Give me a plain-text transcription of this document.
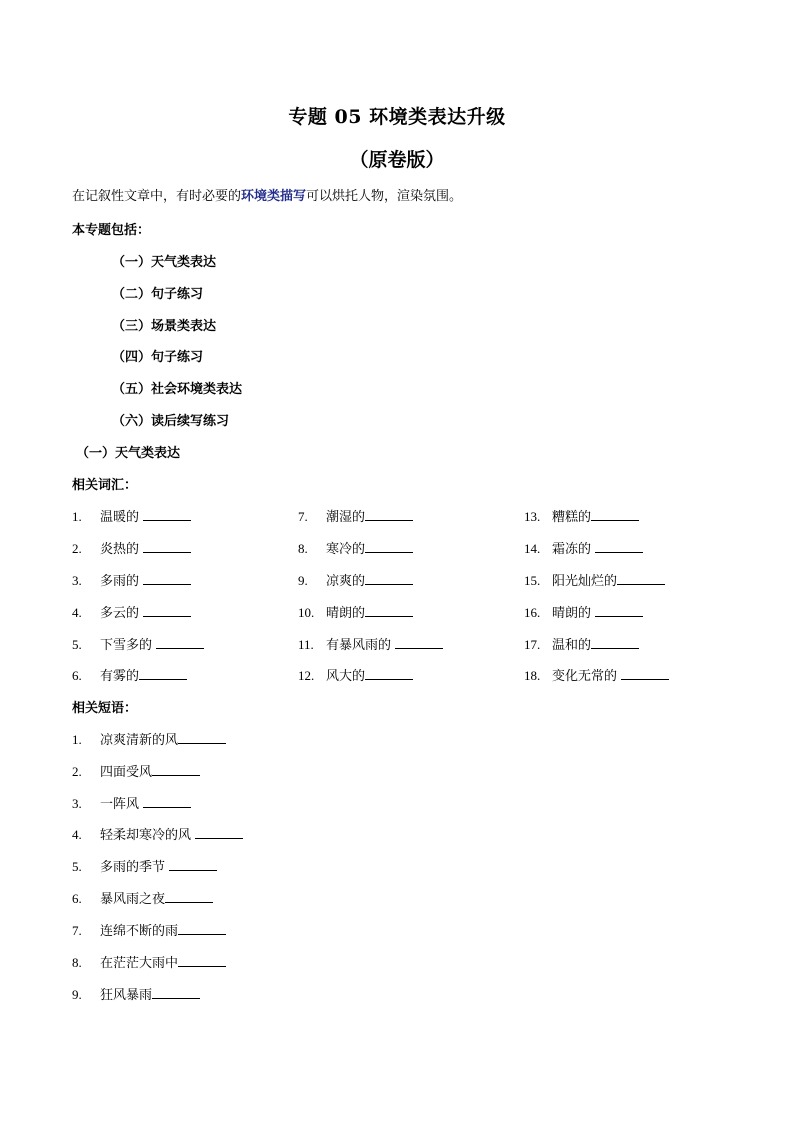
专题 05 环境类表达升级
（原卷版）
在记叙性文章中，有时必要的环境类描写可以烘托人物，渲染氛围。
本专题包括：
（一）天气类表达
（二）句子练习
（三）场景类表达
（四）句子练习
（五）社会环境类表达
（六）读后续写练习
（一）天气类表达
相关词汇：
1. 温暖的
2. 炎热的
3. 多雨的
4. 多云的
5. 下雪多的
6. 有雾的
7. 潮湿的
8. 寒冷的
9. 凉爽的
10. 晴朗的
11. 有暴风雨的
12. 风大的
13. 糟糕的
14. 霜冻的
15. 阳光灿烂的
16. 晴朗的
17. 温和的
18. 变化无常的
相关短语：
1. 凉爽清新的风
2. 四面受风
3. 一阵风
4. 轻柔却寒冷的风
5. 多雨的季节
6. 暴风雨之夜
7. 连绵不断的雨
8. 在茫茫大雨中
9. 狂风暴雨
